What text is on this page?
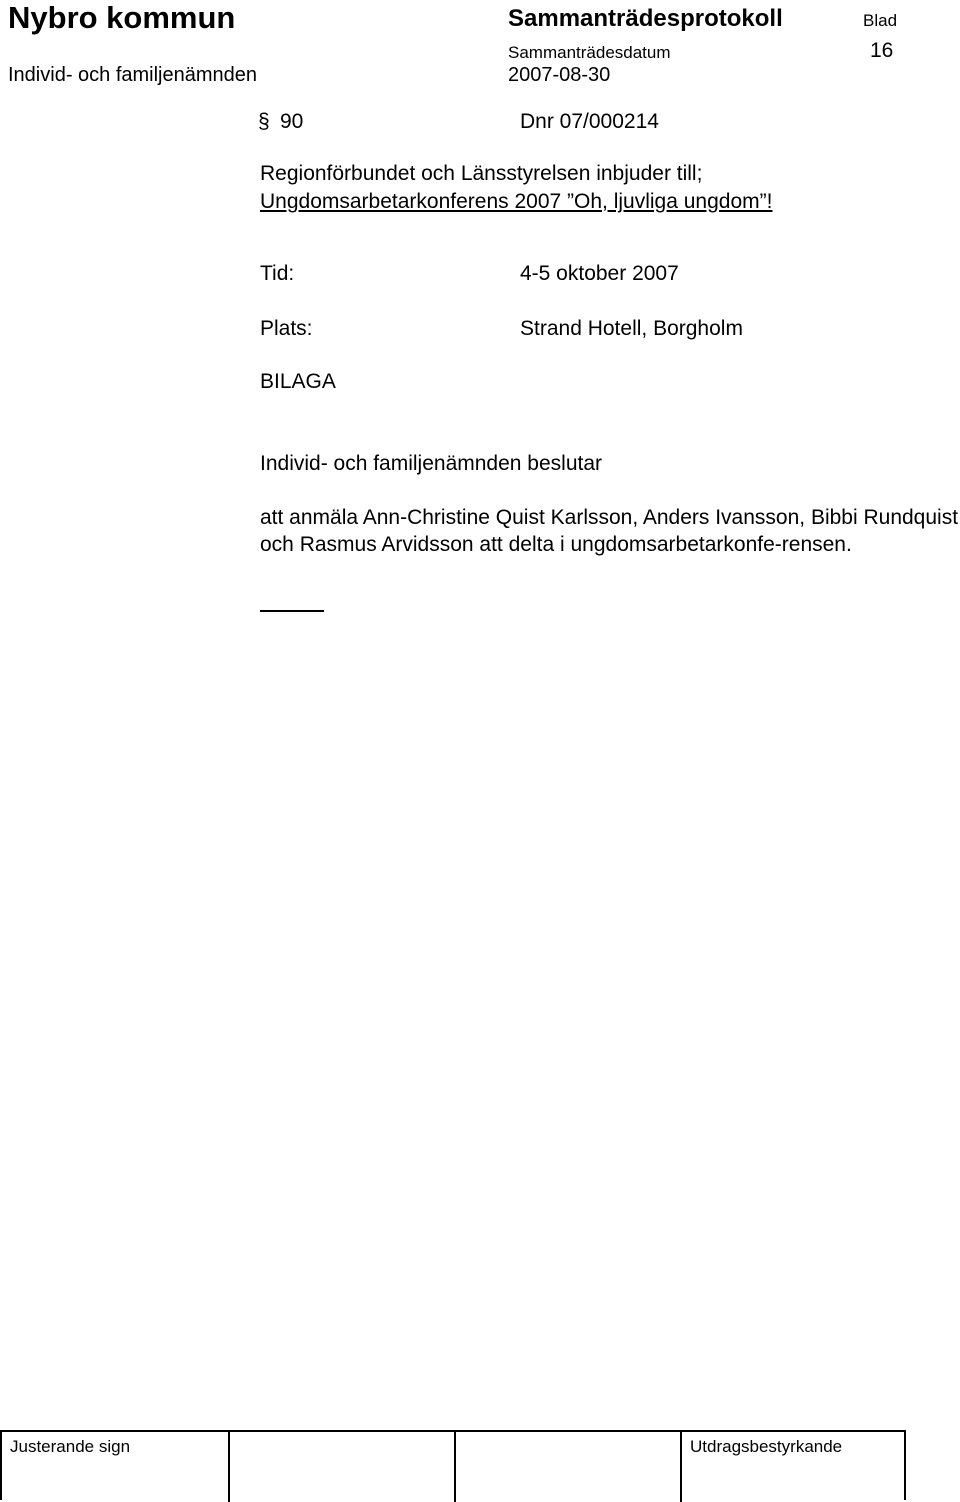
Nybro kommun
Individ- och familjenämnden
Sammanträdesprotokoll
Sammanträdesdatum
2007-08-30
Blad
16
§ 90	Dnr 07/000214
Regionförbundet och Länsstyrelsen inbjuder till;
Ungdomsarbetarkonferens 2007 ”Oh, ljuvliga ungdom”!
Tid:	4-5 oktober 2007
Plats:	Strand Hotell, Borgholm
BILAGA
Individ- och familjenämnden beslutar
att anmäla Ann-Christine Quist Karlsson, Anders Ivansson, Bibbi Rundquist och Rasmus Arvidsson att delta i ungdomsarbetarkonfe-rensen.
Justerande sign	Utdragsbestyrkande
